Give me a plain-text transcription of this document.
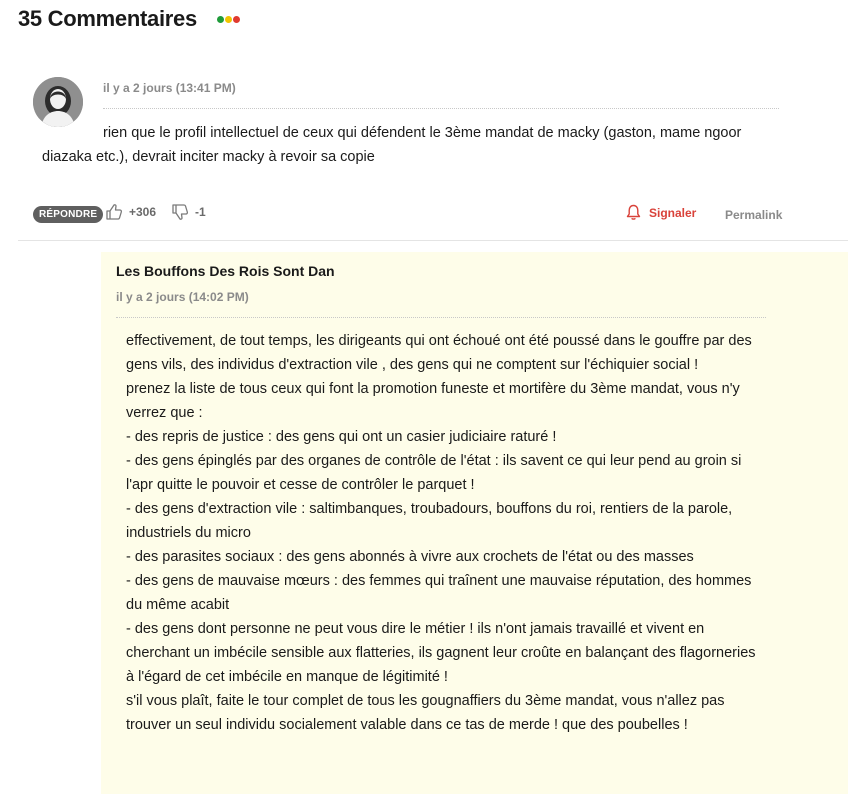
35 Commentaires
il y a 2 jours (13:41 PM)
rien que le profil intellectuel de ceux qui défendent le 3ème mandat de macky (gaston, mame ngoor diazaka etc.), devrait inciter macky à revoir sa copie
RÉPONDRE	+306	-1	Signaler Permalink
Les Bouffons Des Rois Sont Dan
il y a 2 jours (14:02 PM)

effectivement, de tout temps, les dirigeants qui ont échoué ont été poussé dans le gouffre par des gens vils, des individus d'extraction vile , des gens qui ne comptent sur l'échiquier social !

prenez la liste de tous ceux qui font la promotion funeste et mortifère du 3ème mandat, vous n'y verrez que :

- des repris de justice : des gens qui ont un casier judiciaire raturé !

- des gens épinglés par des organes de contrôle de l'état : ils savent ce qui leur pend au groin si l'apr quitte le pouvoir et cesse de contrôler le parquet !

- des gens d'extraction vile : saltimbanques, troubadours, bouffons du roi, rentiers de la parole, industriels du micro

- des parasites sociaux : des gens abonnés à vivre aux crochets de l'état ou des masses

- des gens de mauvaise mœurs : des femmes qui traînent une mauvaise réputation, des hommes du même acabit

- des gens dont personne ne peut vous dire le métier ! ils n'ont jamais travaillé et vivent en cherchant un imbécile sensible aux flatteries, ils gagnent leur croûte en balançant des flagorneries à l'égard de cet imbécile en manque de légitimité !

s'il vous plaît, faite le tour complet de tous les gougnaffiers du 3ème mandat, vous n'allez pas trouver un seul individu socialement valable dans ce tas de merde ! que des poubelles !
